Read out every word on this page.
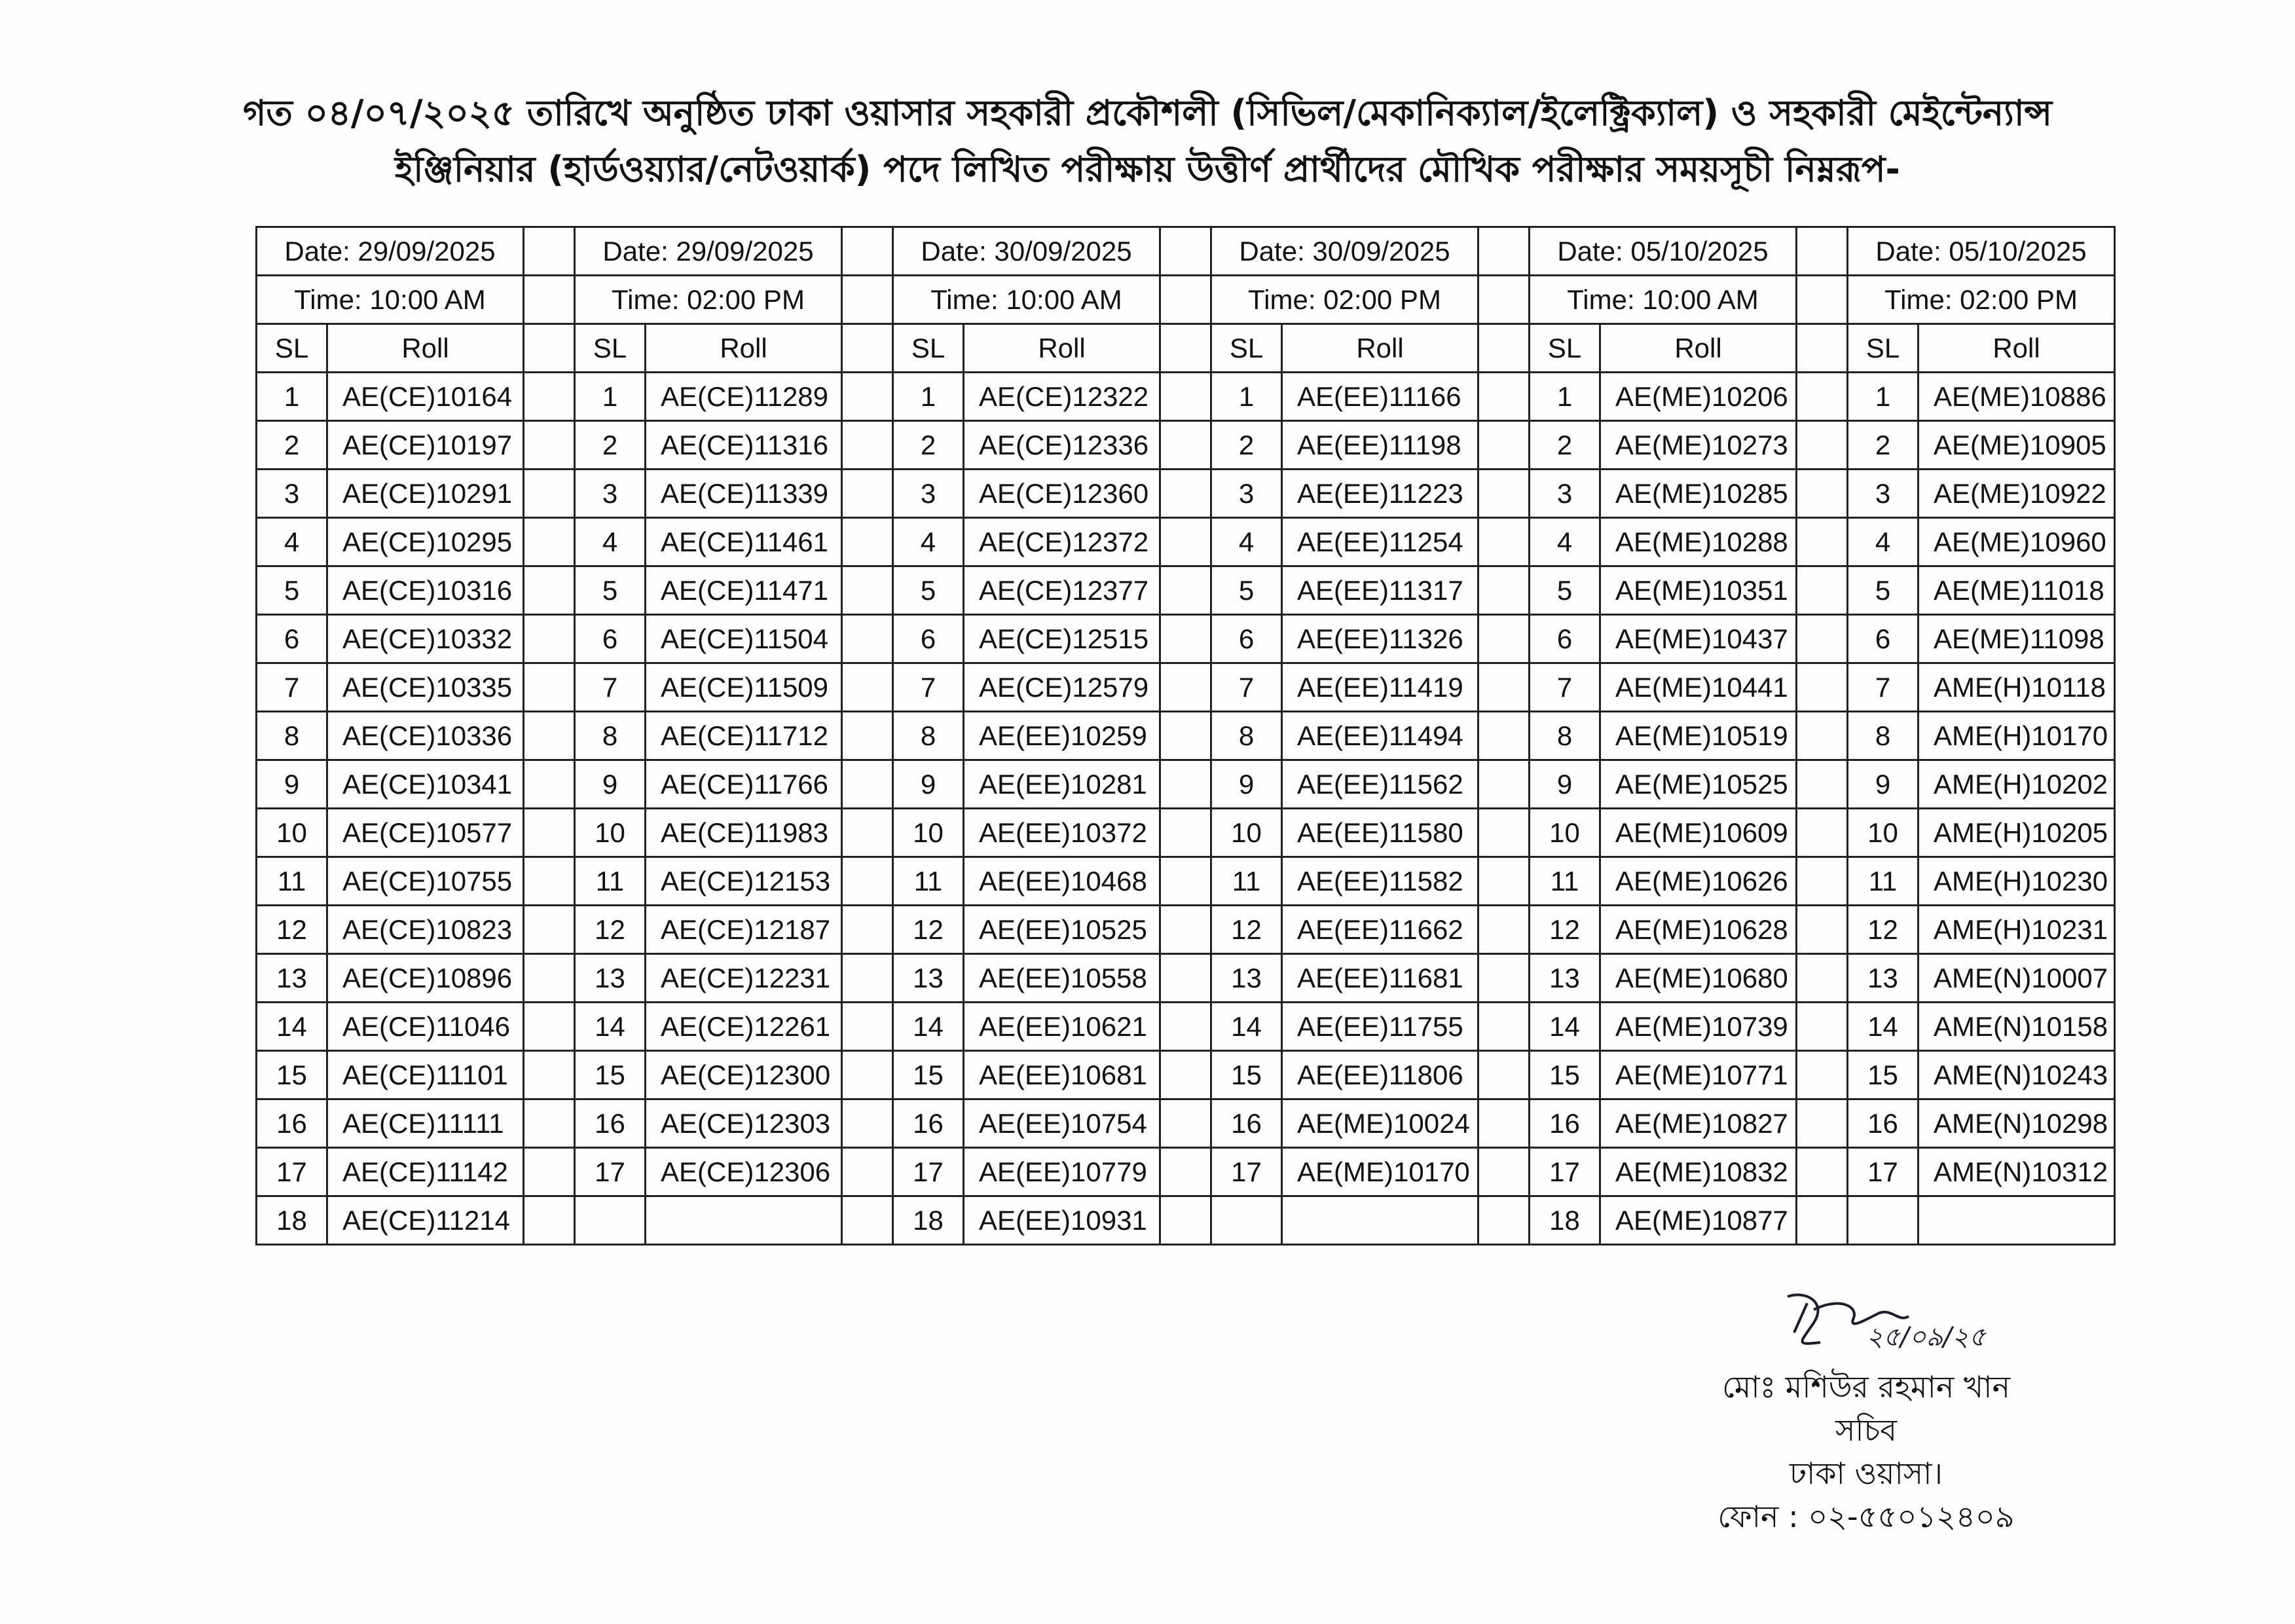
গত ০৪/০৭/২০২৫ তারিখে অনুষ্ঠিত ঢাকা ওয়াসার সহকারী প্রকৌশলী (সিভিল/মেকানিক্যাল/ইলেক্ট্রিক্যাল) ও সহকারী মেইন্টেন্যান্স
ইঞ্জিনিয়ার (হার্ডওয়্যার/নেটওয়ার্ক) পদে লিখিত পরীক্ষায় উত্তীর্ণ প্রার্থীদের মৌখিক পরীক্ষার সময়সূচী নিম্নরূপ-
Date: 29/09/2025			Date: 29/09/2025			Date: 30/09/2025			Date: 30/09/2025			Date: 05/10/2025			Date: 05/10/2025	
Time: 10:00 AM			Time: 02:00 PM			Time: 10:00 AM			Time: 02:00 PM			Time: 10:00 AM			Time: 02:00 PM	
SL	Roll		SL	Roll		SL	Roll		SL	Roll		SL	Roll		SL	Roll
1	AE(CE)10164		1	AE(CE)11289		1	AE(CE)12322		1	AE(EE)11166		1	AE(ME)10206		1	AE(ME)10886
2	AE(CE)10197		2	AE(CE)11316		2	AE(CE)12336		2	AE(EE)11198		2	AE(ME)10273		2	AE(ME)10905
3	AE(CE)10291		3	AE(CE)11339		3	AE(CE)12360		3	AE(EE)11223		3	AE(ME)10285		3	AE(ME)10922
4	AE(CE)10295		4	AE(CE)11461		4	AE(CE)12372		4	AE(EE)11254		4	AE(ME)10288		4	AE(ME)10960
5	AE(CE)10316		5	AE(CE)11471		5	AE(CE)12377		5	AE(EE)11317		5	AE(ME)10351		5	AE(ME)11018
6	AE(CE)10332		6	AE(CE)11504		6	AE(CE)12515		6	AE(EE)11326		6	AE(ME)10437		6	AE(ME)11098
7	AE(CE)10335		7	AE(CE)11509		7	AE(CE)12579		7	AE(EE)11419		7	AE(ME)10441		7	AME(H)10118
8	AE(CE)10336		8	AE(CE)11712		8	AE(EE)10259		8	AE(EE)11494		8	AE(ME)10519		8	AME(H)10170
9	AE(CE)10341		9	AE(CE)11766		9	AE(EE)10281		9	AE(EE)11562		9	AE(ME)10525		9	AME(H)10202
10	AE(CE)10577		10	AE(CE)11983		10	AE(EE)10372		10	AE(EE)11580		10	AE(ME)10609		10	AME(H)10205
11	AE(CE)10755		11	AE(CE)12153		11	AE(EE)10468		11	AE(EE)11582		11	AE(ME)10626		11	AME(H)10230
12	AE(CE)10823		12	AE(CE)12187		12	AE(EE)10525		12	AE(EE)11662		12	AE(ME)10628		12	AME(H)10231
13	AE(CE)10896		13	AE(CE)12231		13	AE(EE)10558		13	AE(EE)11681		13	AE(ME)10680		13	AME(N)10007
14	AE(CE)11046		14	AE(CE)12261		14	AE(EE)10621		14	AE(EE)11755		14	AE(ME)10739		14	AME(N)10158
15	AE(CE)11101		15	AE(CE)12300		15	AE(EE)10681		15	AE(EE)11806		15	AE(ME)10771		15	AME(N)10243
16	AE(CE)11111		16	AE(CE)12303		16	AE(EE)10754		16	AE(ME)10024		16	AE(ME)10827		16	AME(N)10298
17	AE(CE)11142		17	AE(CE)12306		17	AE(EE)10779		17	AE(ME)10170		17	AE(ME)10832		17	AME(N)10312
18	AE(CE)11214					18	AE(EE)10931					18	AE(ME)10877			
২৫/০৯/২৫
মোঃ মশিউর রহমান খান
সচিব
ঢাকা ওয়াসা।
ফোন : ০২-৫৫০১২৪০৯
